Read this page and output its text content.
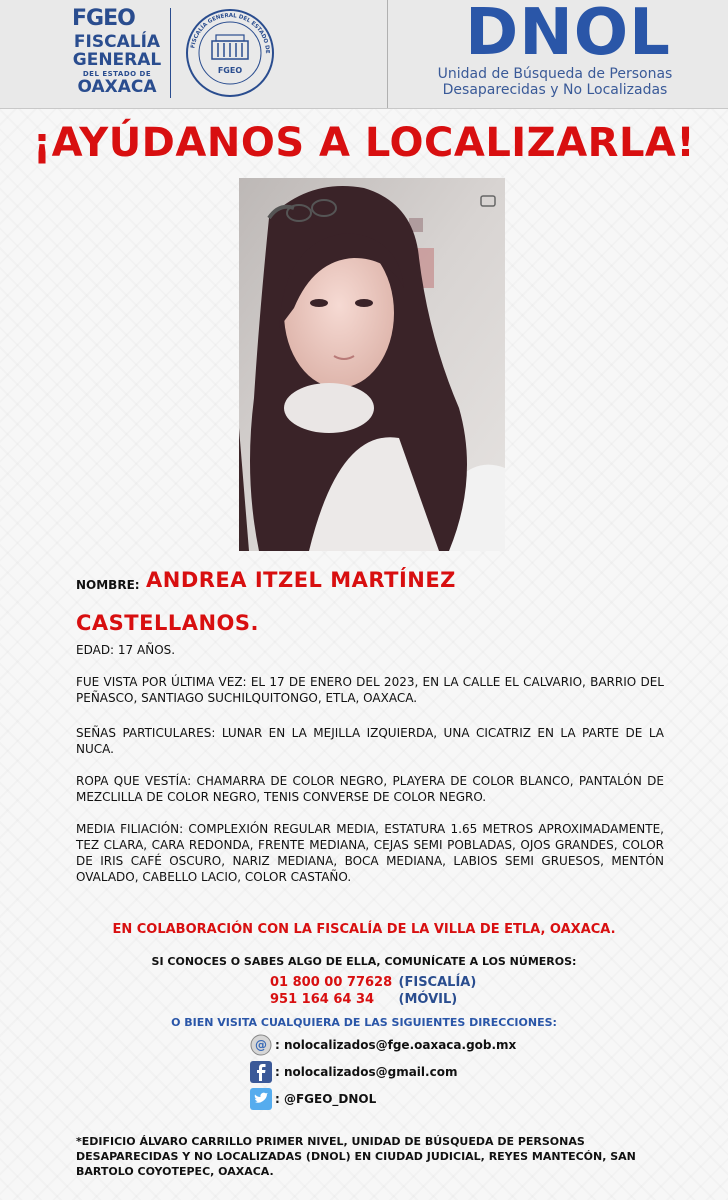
FGEO
FISCALÍA
GENERAL
DEL ESTADO DE
OAXACA
FISCALÍA GENERAL DEL ESTADO DE
FGEO
DNOL
Unidad de Búsqueda de Personas
Desaparecidas y No Localizadas
¡AYÚDANOS A LOCALIZARLA!
NOMBRE: ANDREA ITZEL MARTÍNEZ
CASTELLANOS.
EDAD: 17 AÑOS.
FUE VISTA POR ÚLTIMA VEZ: EL 17 DE ENERO DEL 2023, EN LA CALLE EL CALVARIO, BARRIO DEL PEÑASCO, SANTIAGO SUCHILQUITONGO, ETLA, OAXACA.
SEÑAS PARTICULARES: LUNAR EN LA MEJILLA IZQUIERDA, UNA CICATRIZ EN LA PARTE DE LA NUCA.
ROPA QUE VESTÍA: CHAMARRA DE COLOR NEGRO, PLAYERA DE COLOR BLANCO, PANTALÓN DE MEZCLILLA DE COLOR NEGRO, TENIS CONVERSE DE COLOR NEGRO.
MEDIA FILIACIÓN: COMPLEXIÓN REGULAR MEDIA, ESTATURA 1.65 METROS APROXIMADAMENTE, TEZ CLARA, CARA REDONDA, FRENTE MEDIANA, CEJAS SEMI POBLADAS, OJOS GRANDES, COLOR DE IRIS CAFÉ OSCURO, NARIZ MEDIANA, BOCA MEDIANA, LABIOS SEMI GRUESOS, MENTÓN OVALADO, CABELLO LACIO, COLOR CASTAÑO.
EN COLABORACIÓN CON LA FISCALÍA DE LA VILLA DE ETLA, OAXACA.
SI CONOCES O SABES ALGO DE ELLA, COMUNÍCATE A LOS NÚMEROS:
01 800 00 77628 (FISCALÍA)
951 164 64 34 (MÓVIL)
O BIEN VISITA CUALQUIERA DE LAS SIGUIENTES DIRECCIONES:
@ : nolocalizados@fge.oaxaca.gob.mx
: nolocalizados@gmail.com
: @FGEO_DNOL
*EDIFICIO ÁLVARO CARRILLO PRIMER NIVEL, UNIDAD DE BÚSQUEDA DE PERSONAS DESAPARECIDAS Y NO LOCALIZADAS (DNOL) EN CIUDAD JUDICIAL, REYES MANTECÓN, SAN BARTOLO COYOTEPEC, OAXACA.
